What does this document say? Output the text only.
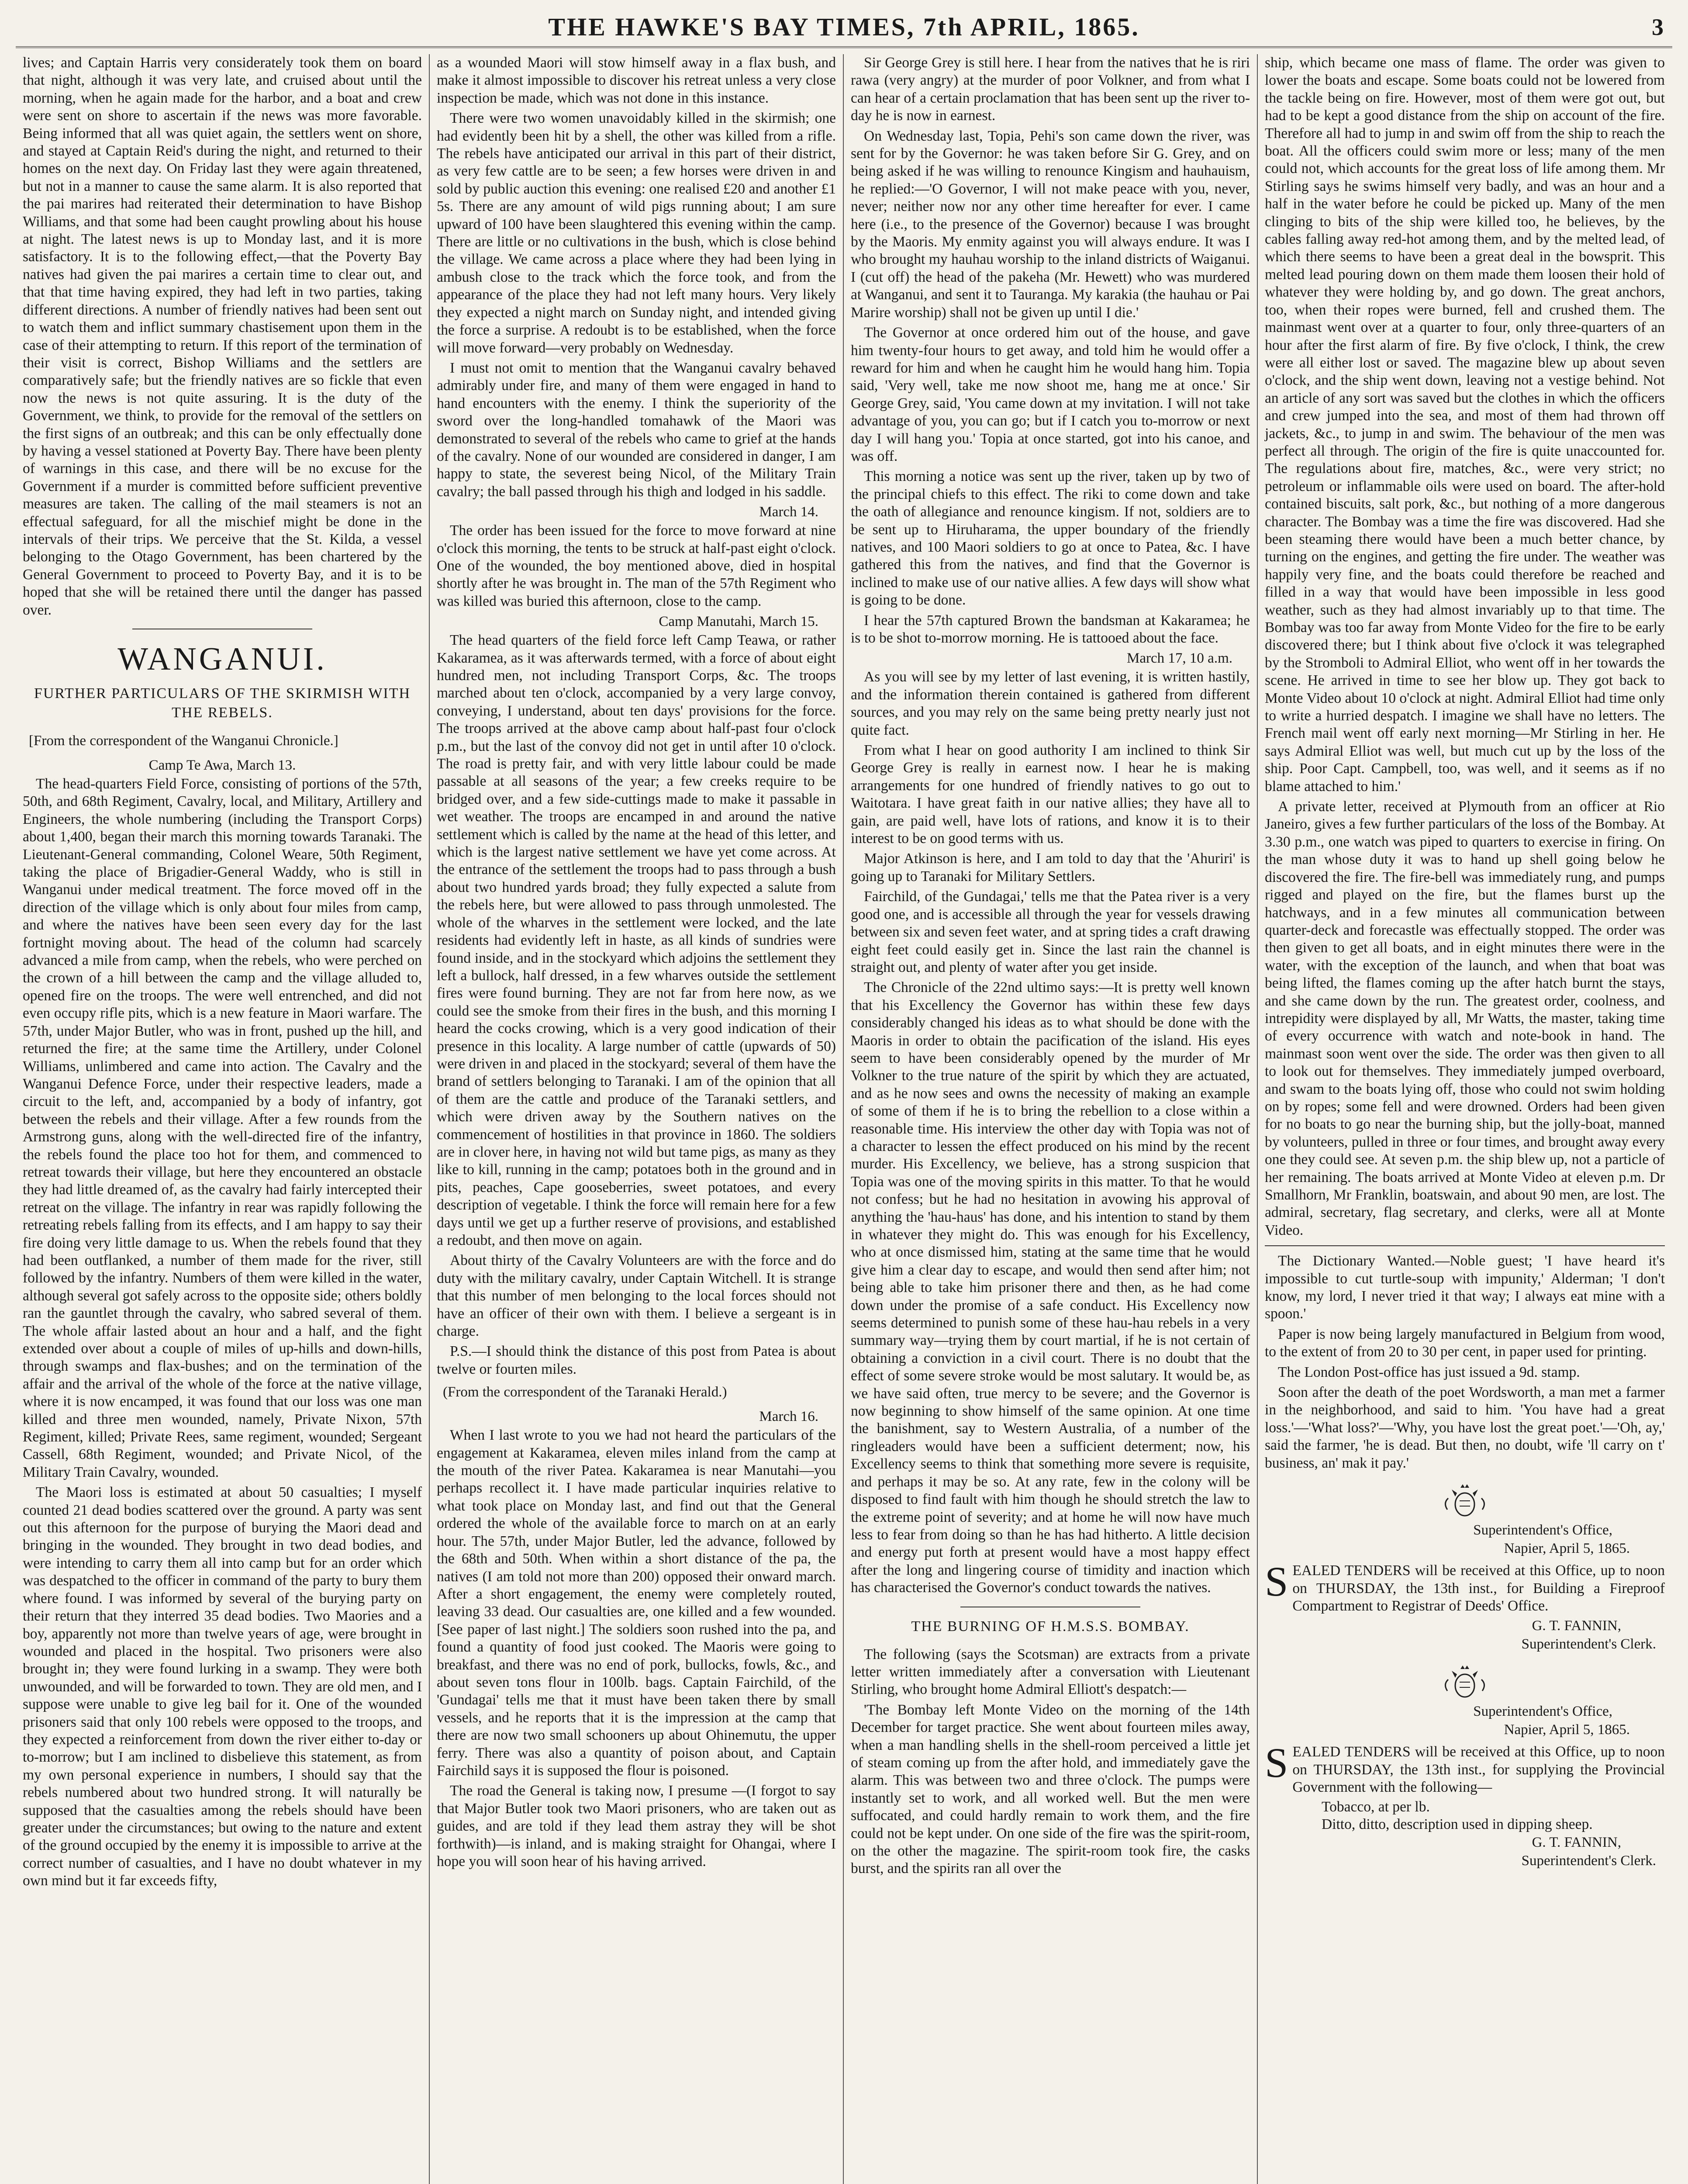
THE HAWKE'S BAY TIMES, 7th APRIL, 1865.	3

lives; and Captain Harris very considerately took them on board that night, although it was very late, and cruised about until the morning, when he again made for the harbor, and a boat and crew were sent on shore to ascertain if the news was more favorable. Being informed that all was quiet again, the settlers went on shore, and stayed at Captain Reid's during the night, and returned to their homes on the next day. On Friday last they were again threatened, but not in a manner to cause the same alarm. It is also reported that the pai marires had reiterated their determination to have Bishop Williams, and that some had been caught prowling about his house at night. The latest news is up to Monday last, and it is more satisfactory. It is to the following effect,—that the Poverty Bay natives had given the pai marires a certain time to clear out, and that that time having expired, they had left in two parties, taking different directions. A number of friendly natives had been sent out to watch them and inflict summary chastisement upon them in the case of their attempting to return. If this report of the termination of their visit is correct, Bishop Williams and the settlers are comparatively safe; but the friendly natives are so fickle that even now the news is not quite assuring. It is the duty of the Government, we think, to provide for the removal of the settlers on the first signs of an outbreak; and this can be only effectually done by having a vessel stationed at Poverty Bay. There have been plenty of warnings in this case, and there will be no excuse for the Government if a murder is committed before sufficient preventive measures are taken. The calling of the mail steamers is not an effectual safeguard, for all the mischief might be done in the intervals of their trips. We perceive that the St. Kilda, a vessel belonging to the Otago Government, has been chartered by the General Government to proceed to Poverty Bay, and it is to be hoped that she will be retained there until the danger has passed over.

WANGANUI.
FURTHER PARTICULARS OF THE SKIRMISH WITH THE REBELS.
[From the correspondent of the Wanganui Chronicle.]
Camp Te Awa, March 13.

The head-quarters Field Force, consisting of portions of the 57th, 50th, and 68th Regiment, Cavalry, local, and Military, Artillery and Engineers, the whole numbering (including the Transport Corps) about 1,400, began their march this morning towards Taranaki. The Lieutenant-General commanding, Colonel Weare, 50th Regiment, taking the place of Brigadier-General Waddy, who is still in Wanganui under medical treatment. The force moved off in the direction of the village which is only about four miles from camp, and where the natives have been seen every day for the last fortnight moving about. The head of the column had scarcely advanced a mile from camp, when the rebels, who were perched on the crown of a hill between the camp and the village alluded to, opened fire on the troops. The were well entrenched, and did not even occupy rifle pits, which is a new feature in Maori warfare. The 57th, under Major Butler, who was in front, pushed up the hill, and returned the fire; at the same time the Artillery, under Colonel Williams, unlimbered and came into action. The Cavalry and the Wanganui Defence Force, under their respective leaders, made a circuit to the left, and, accompanied by a body of infantry, got between the rebels and their village. After a few rounds from the Armstrong guns, along with the well-directed fire of the infantry, the rebels found the place too hot for them, and commenced to retreat towards their village, but here they encountered an obstacle they had little dreamed of, as the cavalry had fairly intercepted their retreat on the village. The infantry in rear was rapidly following the retreating rebels falling from its effects, and I am happy to say their fire doing very little damage to us. When the rebels found that they had been outflanked, a number of them made for the river, still followed by the infantry. Numbers of them were killed in the water, although several got safely across to the opposite side; others boldly ran the gauntlet through the cavalry, who sabred several of them. The whole affair lasted about an hour and a half, and the fight extended over about a couple of miles of up-hills and down-hills, through swamps and flax-bushes; and on the termination of the affair and the arrival of the whole of the force at the native village, where it is now encamped, it was found that our loss was one man killed and three men wounded, namely, Private Nixon, 57th Regiment, killed; Private Rees, same regiment, wounded; Sergeant Cassell, 68th Regiment, wounded; and Private Nicol, of the Military Train Cavalry, wounded.

The Maori loss is estimated at about 50 casualties; I myself counted 21 dead bodies scattered over the ground. A party was sent out this afternoon for the purpose of burying the Maori dead and bringing in the wounded. They brought in two dead bodies, and were intending to carry them all into camp but for an order which was despatched to the officer in command of the party to bury them where found. I was informed by several of the burying party on their return that they interred 35 dead bodies. Two Maories and a boy, apparently not more than twelve years of age, were brought in wounded and placed in the hospital. Two prisoners were also brought in; they were found lurking in a swamp. They were both unwounded, and will be forwarded to town. They are old men, and I suppose were unable to give leg bail for it. One of the wounded prisoners said that only 100 rebels were opposed to the troops, and they expected a reinforcement from down the river either to-day or to-morrow; but I am inclined to disbelieve this statement, as from my own personal experience in numbers, I should say that the rebels numbered about two hundred strong. It will naturally be supposed that the casualties among the rebels should have been greater under the circumstances; but owing to the nature and extent of the ground occupied by the enemy it is impossible to arrive at the correct number of casualties, and I have no doubt whatever in my own mind but it far exceeds fifty,

as a wounded Maori will stow himself away in a flax bush, and make it almost impossible to discover his retreat unless a very close inspection be made, which was not done in this instance.

There were two women unavoidably killed in the skirmish; one had evidently been hit by a shell, the other was killed from a rifle. The rebels have anticipated our arrival in this part of their district, as very few cattle are to be seen; a few horses were driven in and sold by public auction this evening: one realised £20 and another £1 5s. There are any amount of wild pigs running about; I am sure upward of 100 have been slaughtered this evening within the camp. There are little or no cultivations in the bush, which is close behind the village. We came across a place where they had been lying in ambush close to the track which the force took, and from the appearance of the place they had not left many hours. Very likely they expected a night march on Sunday night, and intended giving the force a surprise. A redoubt is to be established, when the force will move forward—very probably on Wednesday.

I must not omit to mention that the Wanganui cavalry behaved admirably under fire, and many of them were engaged in hand to hand encounters with the enemy. I think the superiority of the sword over the long-handled tomahawk of the Maori was demonstrated to several of the rebels who came to grief at the hands of the cavalry. None of our wounded are considered in danger, I am happy to state, the severest being Nicol, of the Military Train cavalry; the ball passed through his thigh and lodged in his saddle.

March 14.

The order has been issued for the force to move forward at nine o'clock this morning, the tents to be struck at half-past eight o'clock. One of the wounded, the boy mentioned above, died in hospital shortly after he was brought in. The man of the 57th Regiment who was killed was buried this afternoon, close to the camp.

Camp Manutahi, March 15.

The head quarters of the field force left Camp Teawa, or rather Kakaramea, as it was afterwards termed, with a force of about eight hundred men, not including Transport Corps, &c. The troops marched about ten o'clock, accompanied by a very large convoy, conveying, I understand, about ten days' provisions for the force. The troops arrived at the above camp about half-past four o'clock p.m., but the last of the convoy did not get in until after 10 o'clock. The road is pretty fair, and with very little labour could be made passable at all seasons of the year; a few creeks require to be bridged over, and a few side-cuttings made to make it passable in wet weather. The troops are encamped in and around the native settlement which is called by the name at the head of this letter, and which is the largest native settlement we have yet come across. At the entrance of the settlement the troops had to pass through a bush about two hundred yards broad; they fully expected a salute from the rebels here, but were allowed to pass through unmolested. The whole of the wharves in the settlement were locked, and the late residents had evidently left in haste, as all kinds of sundries were found inside, and in the stockyard which adjoins the settlement they left a bullock, half dressed, in a few wharves outside the settlement fires were found burning. They are not far from here now, as we could see the smoke from their fires in the bush, and this morning I heard the cocks crowing, which is a very good indication of their presence in this locality. A large number of cattle (upwards of 50) were driven in and placed in the stockyard; several of them have the brand of settlers belonging to Taranaki. I am of the opinion that all of them are the cattle and produce of the Taranaki settlers, and which were driven away by the Southern natives on the commencement of hostilities in that province in 1860. The soldiers are in clover here, in having not wild but tame pigs, as many as they like to kill, running in the camp; potatoes both in the ground and in pits, peaches, Cape gooseberries, sweet potatoes, and every description of vegetable. I think the force will remain here for a few days until we get up a further reserve of provisions, and established a redoubt, and then move on again.

About thirty of the Cavalry Volunteers are with the force and do duty with the military cavalry, under Captain Witchell. It is strange that this number of men belonging to the local forces should not have an officer of their own with them. I believe a sergeant is in charge.

P.S.—I should think the distance of this post from Patea is about twelve or fourten miles.

(From the correspondent of the Taranaki Herald.)
March 16.

When I last wrote to you we had not heard the particulars of the engagement at Kakaramea, eleven miles inland from the camp at the mouth of the river Patea. Kakaramea is near Manutahi—you perhaps recollect it. I have made particular inquiries relative to what took place on Monday last, and find out that the General ordered the whole of the available force to march on at an early hour. The 57th, under Major Butler, led the advance, followed by the 68th and 50th. When within a short distance of the pa, the natives (I am told not more than 200) opposed their onward march. After a short engagement, the enemy were completely routed, leaving 33 dead. Our casualties are, one killed and a few wounded. [See paper of last night.] The soldiers soon rushed into the pa, and found a quantity of food just cooked. The Maoris were going to breakfast, and there was no end of pork, bullocks, fowls, &c., and about seven tons flour in 100lb. bags. Captain Fairchild, of the 'Gundagai' tells me that it must have been taken there by small vessels, and he reports that it is the impression at the camp that there are now two small schooners up about Ohinemutu, the upper ferry. There was also a quantity of poison about, and Captain Fairchild says it is supposed the flour is poisoned.

The road the General is taking now, I presume —(I forgot to say that Major Butler took two Maori prisoners, who are taken out as guides, and are told if they lead them astray they will be shot forthwith)—is inland, and is making straight for Ohangai, where I hope you will soon hear of his having arrived.

Sir George Grey is still here. I hear from the natives that he is riri rawa (very angry) at the murder of poor Volkner, and from what I can hear of a certain proclamation that has been sent up the river to-day he is now in earnest.

On Wednesday last, Topia, Pehi's son came down the river, was sent for by the Governor: he was taken before Sir G. Grey, and on being asked if he was willing to renounce Kingism and hauhauism, he replied:—'O Governor, I will not make peace with you, never, never; neither now nor any other time hereafter for ever. I came here (i.e., to the presence of the Governor) because I was brought by the Maoris. My enmity against you will always endure. It was I who brought my hauhau worship to the inland districts of Waiganui. I (cut off) the head of the pakeha (Mr. Hewett) who was murdered at Wanganui, and sent it to Tauranga. My karakia (the hauhau or Pai Marire worship) shall not be given up until I die.'

The Governor at once ordered him out of the house, and gave him twenty-four hours to get away, and told him he would offer a reward for him and when he caught him he would hang him. Topia said, 'Very well, take me now shoot me, hang me at once.' Sir George Grey, said, 'You came down at my invitation. I will not take advantage of you, you can go; but if I catch you to-morrow or next day I will hang you.' Topia at once started, got into his canoe, and was off.

This morning a notice was sent up the river, taken up by two of the principal chiefs to this effect. The riki to come down and take the oath of allegiance and renounce kingism. If not, soldiers are to be sent up to Hiruharama, the upper boundary of the friendly natives, and 100 Maori soldiers to go at once to Patea, &c. I have gathered this from the natives, and find that the Governor is inclined to make use of our native allies. A few days will show what is going to be done.

I hear the 57th captured Brown the bandsman at Kakaramea; he is to be shot to-morrow morning. He is tattooed about the face.

March 17, 10 a.m.

As you will see by my letter of last evening, it is written hastily, and the information therein contained is gathered from different sources, and you may rely on the same being pretty nearly just not quite fact.

From what I hear on good authority I am inclined to think Sir George Grey is really in earnest now. I hear he is making arrangements for one hundred of friendly natives to go out to Waitotara. I have great faith in our native allies; they have all to gain, are paid well, have lots of rations, and know it is to their interest to be on good terms with us.

Major Atkinson is here, and I am told to day that the 'Ahuriri' is going up to Taranaki for Military Settlers.

Fairchild, of the Gundagai,' tells me that the Patea river is a very good one, and is accessible all through the year for vessels drawing between six and seven feet water, and at spring tides a craft drawing eight feet could easily get in. Since the last rain the channel is straight out, and plenty of water after you get inside.

The Chronicle of the 22nd ultimo says:—It is pretty well known that his Excellency the Governor has within these few days considerably changed his ideas as to what should be done with the Maoris in order to obtain the pacification of the island. His eyes seem to have been considerably opened by the murder of Mr Volkner to the true nature of the spirit by which they are actuated, and as he now sees and owns the necessity of making an example of some of them if he is to bring the rebellion to a close within a reasonable time. His interview the other day with Topia was not of a character to lessen the effect produced on his mind by the recent murder. His Excellency, we believe, has a strong suspicion that Topia was one of the moving spirits in this matter. To that he would not confess; but he had no hesitation in avowing his approval of anything the 'hau-haus' has done, and his intention to stand by them in whatever they might do. This was enough for his Excellency, who at once dismissed him, stating at the same time that he would give him a clear day to escape, and would then send after him; not being able to take him prisoner there and then, as he had come down under the promise of a safe conduct. His Excellency now seems determined to punish some of these hau-hau rebels in a very summary way—trying them by court martial, if he is not certain of obtaining a conviction in a civil court. There is no doubt that the effect of some severe stroke would be most salutary. It would be, as we have said often, true mercy to be severe; and the Governor is now beginning to show himself of the same opinion. At one time the banishment, say to Western Australia, of a number of the ringleaders would have been a sufficient determent; now, his Excellency seems to think that something more severe is requisite, and perhaps it may be so. At any rate, few in the colony will be disposed to find fault with him though he should stretch the law to the extreme point of severity; and at home he will now have much less to fear from doing so than he has had hitherto. A little decision and energy put forth at present would have a most happy effect after the long and lingering course of timidity and inaction which has characterised the Governor's conduct towards the natives.

THE BURNING OF H.M.S.S. BOMBAY.

The following (says the Scotsman) are extracts from a private letter written immediately after a conversation with Lieutenant Stirling, who brought home Admiral Elliott's despatch:—

'The Bombay left Monte Video on the morning of the 14th December for target practice. She went about fourteen miles away, when a man handling shells in the shell-room perceived a little jet of steam coming up from the after hold, and immediately gave the alarm. This was between two and three o'clock. The pumps were instantly set to work, and all worked well. But the men were suffocated, and could hardly remain to work them, and the fire could not be kept under. On one side of the fire was the spirit-room, on the other the magazine. The spirit-room took fire, the casks burst, and the spirits ran all over the

ship, which became one mass of flame. The order was given to lower the boats and escape. Some boats could not be lowered from the tackle being on fire. However, most of them were got out, but had to be kept a good distance from the ship on account of the fire. Therefore all had to jump in and swim off from the ship to reach the boat. All the officers could swim more or less; many of the men could not, which accounts for the great loss of life among them. Mr Stirling says he swims himself very badly, and was an hour and a half in the water before he could be picked up. Many of the men clinging to bits of the ship were killed too, he believes, by the cables falling away red-hot among them, and by the melted lead, of which there seems to have been a great deal in the bowsprit. This melted lead pouring down on them made them loosen their hold of whatever they were holding by, and go down. The great anchors, too, when their ropes were burned, fell and crushed them. The mainmast went over at a quarter to four, only three-quarters of an hour after the first alarm of fire. By five o'clock, I think, the crew were all either lost or saved. The magazine blew up about seven o'clock, and the ship went down, leaving not a vestige behind. Not an article of any sort was saved but the clothes in which the officers and crew jumped into the sea, and most of them had thrown off jackets, &c., to jump in and swim. The behaviour of the men was perfect all through. The origin of the fire is quite unaccounted for. The regulations about fire, matches, &c., were very strict; no petroleum or inflammable oils were used on board. The after-hold contained biscuits, salt pork, &c., but nothing of a more dangerous character. The Bombay was a time the fire was discovered. Had she been steaming there would have been a much better chance, by turning on the engines, and getting the fire under. The weather was happily very fine, and the boats could therefore be reached and filled in a way that would have been impossible in less good weather, such as they had almost invariably up to that time. The Bombay was too far away from Monte Video for the fire to be early discovered there; but I think about five o'clock it was telegraphed by the Stromboli to Admiral Elliot, who went off in her towards the scene. He arrived in time to see her blow up. They got back to Monte Video about 10 o'clock at night. Admiral Elliot had time only to write a hurried despatch. I imagine we shall have no letters. The French mail went off early next morning—Mr Stirling in her. He says Admiral Elliot was well, but much cut up by the loss of the ship. Poor Capt. Campbell, too, was well, and it seems as if no blame attached to him.'

A private letter, received at Plymouth from an officer at Rio Janeiro, gives a few further particulars of the loss of the Bombay. At 3.30 p.m., one watch was piped to quarters to exercise in firing. On the man whose duty it was to hand up shell going below he discovered the fire. The fire-bell was immediately rung, and pumps rigged and played on the fire, but the flames burst up the hatchways, and in a few minutes all communication between quarter-deck and forecastle was effectually stopped. The order was then given to get all boats, and in eight minutes there were in the water, with the exception of the launch, and when that boat was being lifted, the flames coming up the after hatch burnt the stays, and she came down by the run. The greatest order, coolness, and intrepidity were displayed by all, Mr Watts, the master, taking time of every occurrence with watch and note-book in hand. The mainmast soon went over the side. The order was then given to all to look out for themselves. They immediately jumped overboard, and swam to the boats lying off, those who could not swim holding on by ropes; some fell and were drowned. Orders had been given for no boats to go near the burning ship, but the jolly-boat, manned by volunteers, pulled in three or four times, and brought away every one they could see. At seven p.m. the ship blew up, not a particle of her remaining. The boats arrived at Monte Video at eleven p.m. Dr Smallhorn, Mr Franklin, boatswain, and about 90 men, are lost. The admiral, secretary, flag secretary, and clerks, were all at Monte Video.

The Dictionary Wanted.—Noble guest; 'I have heard it's impossible to cut turtle-soup with impunity,' Alderman; 'I don't know, my lord, I never tried it that way; I always eat mine with a spoon.'

Paper is now being largely manufactured in Belgium from wood, to the extent of from 20 to 30 per cent, in paper used for printing.

The London Post-office has just issued a 9d. stamp.

Soon after the death of the poet Wordsworth, a man met a farmer in the neighborhood, and said to him. 'You have had a great loss.'—'What loss?'—'Why, you have lost the great poet.'—'Oh, ay,' said the farmer, 'he is dead. But then, no doubt, wife 'll carry on t' business, an' mak it pay.'

Superintendent's Office,
Napier, April 5, 1865.
SEALED TENDERS will be received at this Office, up to noon on THURSDAY, the 13th inst., for Building a Fireproof Compartment to Registrar of Deeds' Office.
G. T. FANNIN,
Superintendent's Clerk.
Superintendent's Office,
Napier, April 5, 1865.
SEALED TENDERS will be received at this Office, up to noon on THURSDAY, the 13th inst., for supplying the Provincial Government with the following—
Tobacco, at per lb.
Ditto, ditto, description used in dipping sheep.
G. T. FANNIN,
Superintendent's Clerk.
